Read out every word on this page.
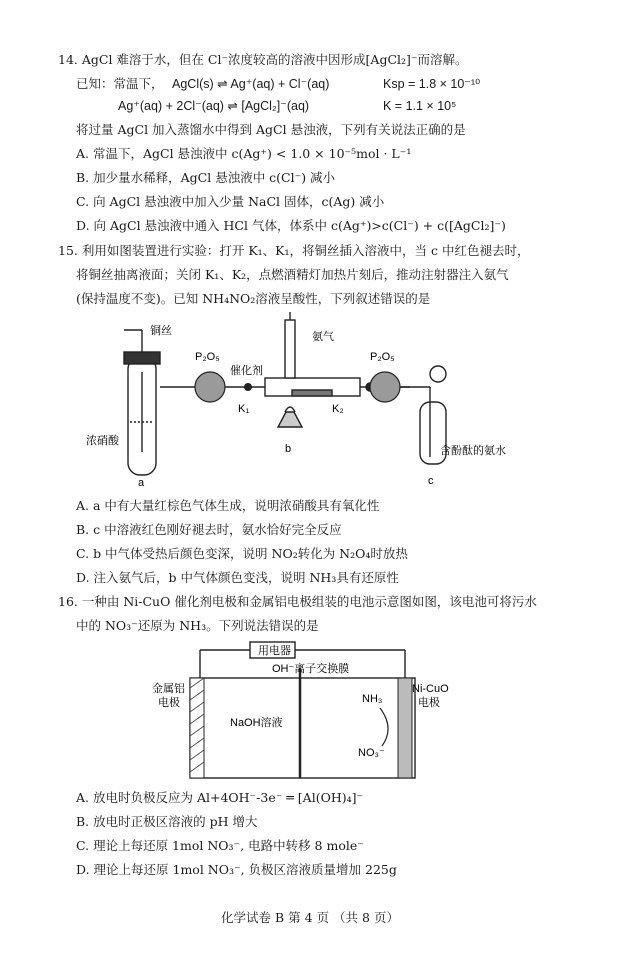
14. AgCl 难溶于水，但在 Cl⁻浓度较高的溶液中因形成[AgCl₂]⁻而溶解。
已知：常温下， AgCl(s) ⇌ Ag⁺(aq) + Cl⁻(aq)	Ksp = 1.8 × 10⁻¹⁰
Ag⁺(aq) + 2Cl⁻(aq) ⇌ [AgCl₂]⁻(aq)	K = 1.1 × 10⁵
将过量 AgCl 加入蒸馏水中得到 AgCl 悬浊液，下列有关说法正确的是
A. 常温下，AgCl 悬浊液中 c(Ag⁺) < 1.0 × 10⁻⁵mol · L⁻¹
B. 加少量水稀释，AgCl 悬浊液中 c(Cl⁻) 减小
C. 向 AgCl 悬浊液中加入少量 NaCl 固体，c(Ag) 减小
D. 向 AgCl 悬浊液中通入 HCl 气体，体系中 c(Ag⁺)>c(Cl⁻) + c([AgCl₂]⁻)
15. 利用如图装置进行实验：打开 K₁、K₁，将铜丝插入溶液中，当 c 中红色褪去时，
将铜丝抽离液面；关闭 K₁、K₂，点燃酒精灯加热片刻后，推动注射器注入氨气
(保持温度不变)。已知 NH₄NO₂溶液呈酸性，下列叙述错误的是
铜丝
浓硝酸
a
P₂O₅
K₁
催化剂
氨气
K₂
b
P₂O₅
含酚酞的氨水
c
A. a 中有大量红棕色气体生成，说明浓硝酸具有氧化性
B. c 中溶液红色刚好褪去时，氨水恰好完全反应
C. b 中气体受热后颜色变深，说明 NO₂转化为 N₂O₄时放热
D. 注入氨气后，b 中气体颜色变浅，说明 NH₃具有还原性
16. 一种由 Ni-CuO 催化剂电极和金属铝电极组装的电池示意图如图，该电池可将污水
中的 NO₃⁻还原为 NH₃。下列说法错误的是
用电器
OH⁻离子交换膜
金属铝
电极
NaOH溶液
NH₃
NO₃⁻
Ni-CuO
电极
A. 放电时负极反应为 Al+4OH⁻-3e⁻ ═ [Al(OH)₄]⁻
B. 放电时正极区溶液的 pH 增大
C. 理论上每还原 1mol NO₃⁻, 电路中转移 8 mole⁻
D. 理论上每还原 1mol NO₃⁻, 负极区溶液质量增加 225g
化学试卷 B 第 4 页 （共 8 页）
